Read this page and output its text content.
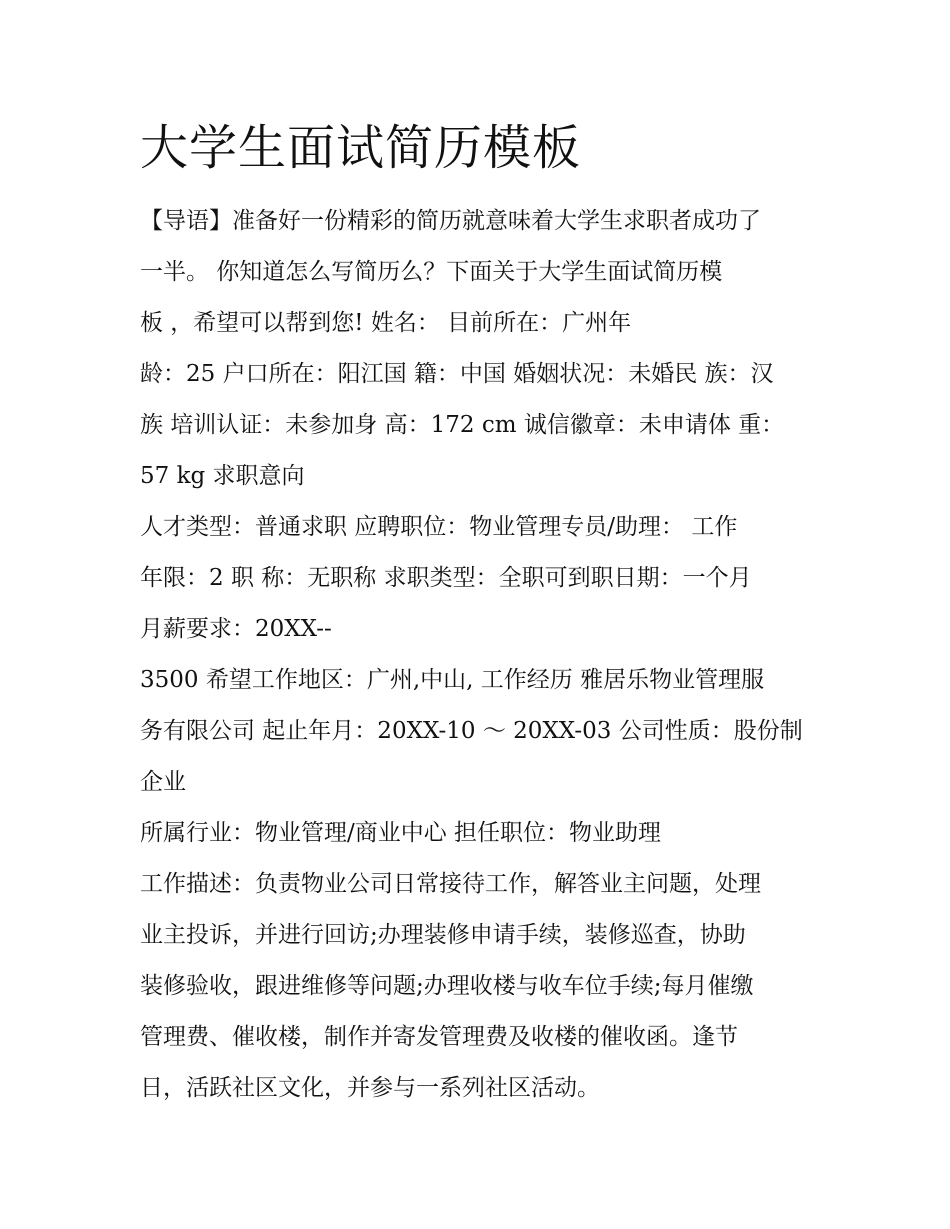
大学生面试简历模板
【导语】准备好一份精彩的简历就意味着大学生求职者成功了
一半。 你知道怎么写简历么？下面关于大学生面试简历模
板 ，希望可以帮到您! 姓名： 目前所在：广州年
龄：25 户口所在：阳江国 籍：中国 婚姻状况：未婚民 族：汉
族 培训认证：未参加身 高：172 cm 诚信徽章：未申请体 重：
57 kg 求职意向
人才类型：普通求职 应聘职位：物业管理专员/助理： 工作
年限：2 职 称：无职称 求职类型：全职可到职日期：一个月
月薪要求：20XX--
3500 希望工作地区：广州,中山, 工作经历 雅居乐物业管理服
务有限公司 起止年月：20XX-10 ～ 20XX-03 公司性质：股份制
企业
所属行业：物业管理/商业中心 担任职位：物业助理
工作描述：负责物业公司日常接待工作，解答业主问题，处理
业主投诉，并进行回访;办理装修申请手续，装修巡查，协助
装修验收，跟进维修等问题;办理收楼与收车位手续;每月催缴
管理费、催收楼，制作并寄发管理费及收楼的催收函。逢节
日，活跃社区文化，并参与一系列社区活动。
